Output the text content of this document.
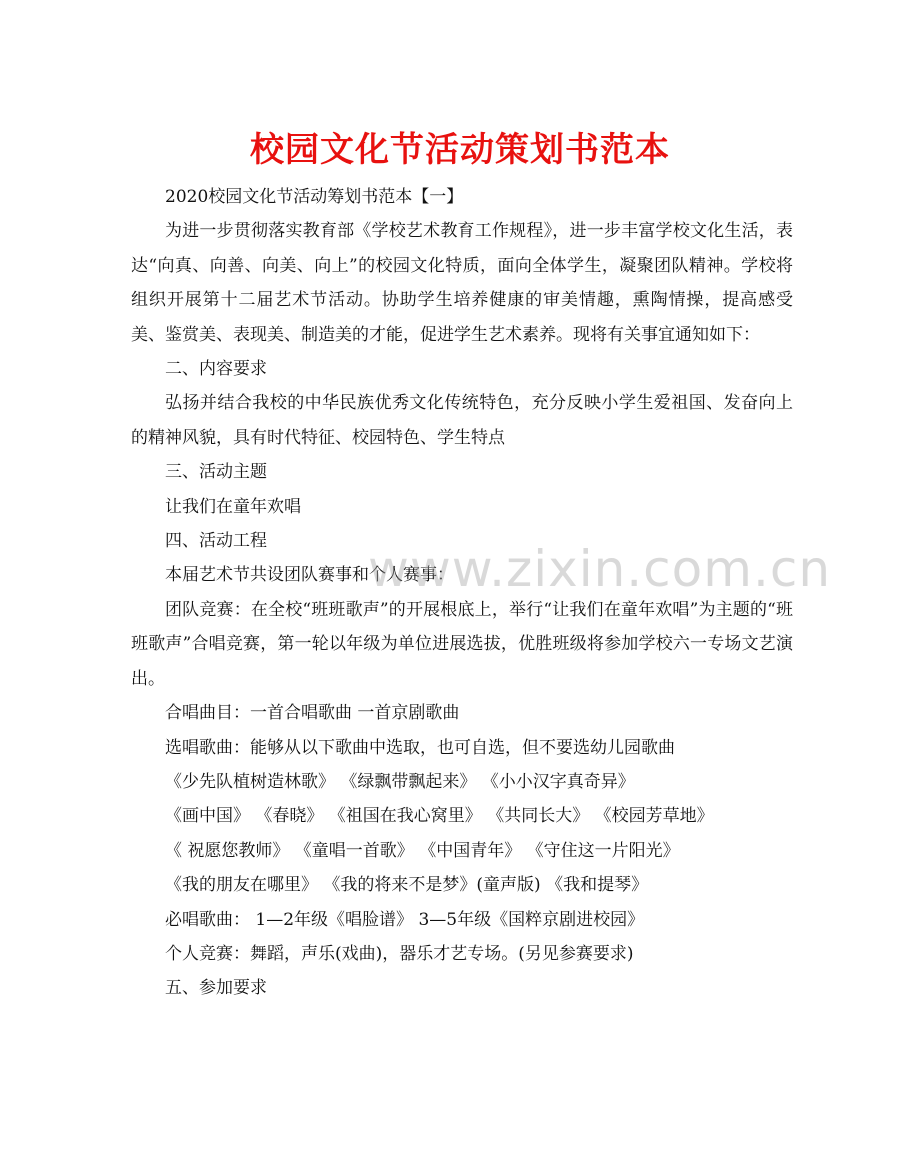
校园文化节活动策划书范本

2020校园文化节活动筹划书范本【一】

为进一步贯彻落实教育部《学校艺术教育工作规程》，进一步丰富学校文化生活，表达“向真、向善、向美、向上”的校园文化特质，面向全体学生，凝聚团队精神。学校将组织开展第十二届艺术节活动。协助学生培养健康的审美情趣，熏陶情操，提高感受美、鉴赏美、表现美、制造美的才能，促进学生艺术素养。现将有关事宜通知如下：

二、内容要求

弘扬并结合我校的中华民族优秀文化传统特色，充分反映小学生爱祖国、发奋向上的精神风貌，具有时代特征、校园特色、学生特点

三、活动主题

让我们在童年欢唱

四、活动工程

本届艺术节共设团队赛事和个人赛事：

团队竞赛：在全校“班班歌声”的开展根底上，举行“让我们在童年欢唱”为主题的“班班歌声”合唱竞赛，第一轮以年级为单位进展选拔，优胜班级将参加学校六一专场文艺演出。

合唱曲目：一首合唱歌曲 一首京剧歌曲

选唱歌曲：能够从以下歌曲中选取，也可自选，但不要选幼儿园歌曲

《少先队植树造林歌》 《绿飘带飘起来》 《小小汉字真奇异》

《画中国》 《春晓》 《祖国在我心窝里》 《共同长大》 《校园芳草地》

《 祝愿您教师》 《童唱一首歌》 《中国青年》 《守住这一片阳光》

《我的朋友在哪里》 《我的将来不是梦》(童声版) 《我和提琴》

必唱歌曲： 1—2年级《唱脸谱》 3—5年级《国粹京剧进校园》

个人竞赛：舞蹈，声乐(戏曲)，器乐才艺专场。(另见参赛要求)

五、参加要求

www.zixin.com.cn
